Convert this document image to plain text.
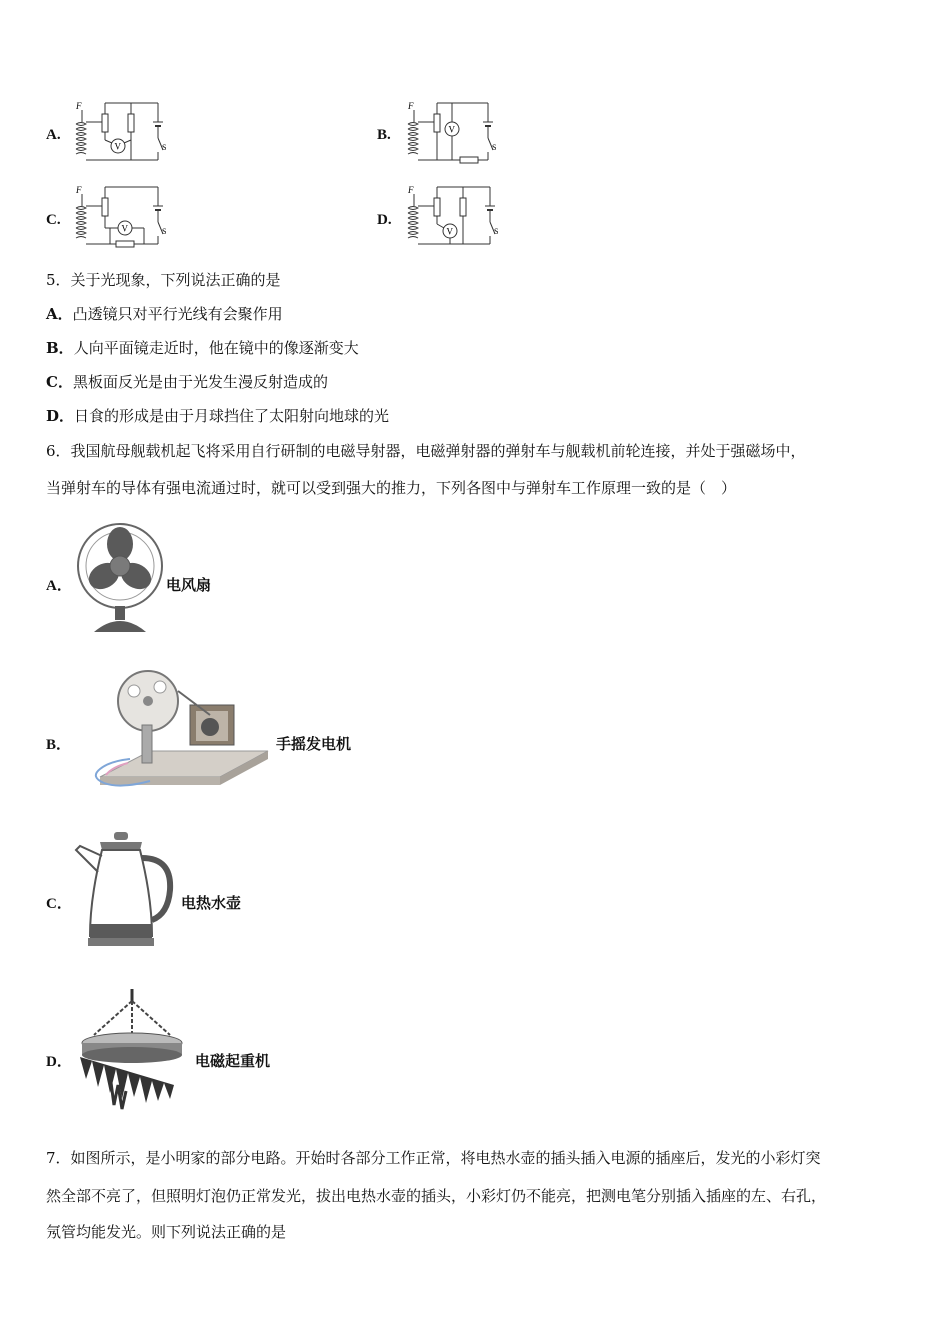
A.
F
V	S
B.
F
V
S
C.
F
V	S
D.
F
V	S
5．关于光现象，下列说法正确的是
A．凸透镜只对平行光线有会聚作用
B．人向平面镜走近时，他在镜中的像逐渐变大
C．黑板面反光是由于光发生漫反射造成的
D．日食的形成是由于月球挡住了太阳射向地球的光
6．我国航母舰载机起飞将采用自行研制的电磁导射器，电磁弹射器的弹射车与舰载机前轮连接，并处于强磁场中，
当弹射车的导体有强电流通过时，就可以受到强大的推力，下列各图中与弹射车工作原理一致的是（　）
A．	电风扇
B．	手摇发电机
C．	电热水壶
D．	电磁起重机
7．如图所示，是小明家的部分电路。开始时各部分工作正常，将电热水壶的插头插入电源的插座后，发光的小彩灯突
然全部不亮了，但照明灯泡仍正常发光，拔出电热水壶的插头，小彩灯仍不能亮，把测电笔分别插入插座的左、右孔，
氖管均能发光。则下列说法正确的是
